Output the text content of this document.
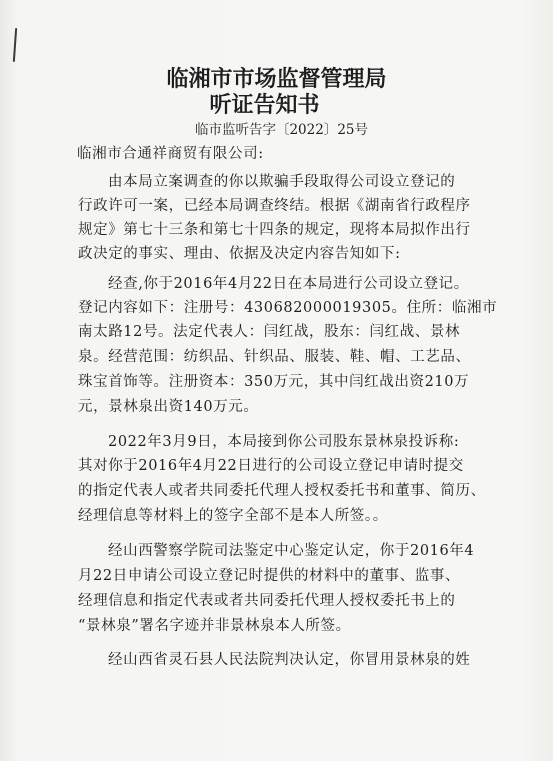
临湘市市场监督管理局
听证告知书
临市监听告字〔2022〕25号
临湘市合通祥商贸有限公司:
由本局立案调查的你以欺骗手段取得公司设立登记的
行政许可一案，已经本局调查终结。根据《湖南省行政程序
规定》第七十三条和第七十四条的规定，现将本局拟作出行
政决定的事实、理由、依据及决定内容告知如下:
经查,你于2016年4月22日在本局进行公司设立登记。
登记内容如下：注册号：430682000019305。住所：临湘市
南太路12号。法定代表人：闫红战，股东：闫红战、景林
泉。经营范围：纺织品、针织品、服装、鞋、帽、工艺品、
珠宝首饰等。注册资本：350万元，其中闫红战出资210万
元，景林泉出资140万元。
2022年3月9日，本局接到你公司股东景林泉投诉称:
其对你于2016年4月22日进行的公司设立登记申请时提交
的指定代表人或者共同委托代理人授权委托书和董事、简历、
经理信息等材料上的签字全部不是本人所签。。
经山西警察学院司法鉴定中心鉴定认定，你于2016年4
月22日申请公司设立登记时提供的材料中的董事、监事、
经理信息和指定代表或者共同委托代理人授权委托书上的
“景林泉”署名字迹并非景林泉本人所签。
经山西省灵石县人民法院判决认定，你冒用景林泉的姓
